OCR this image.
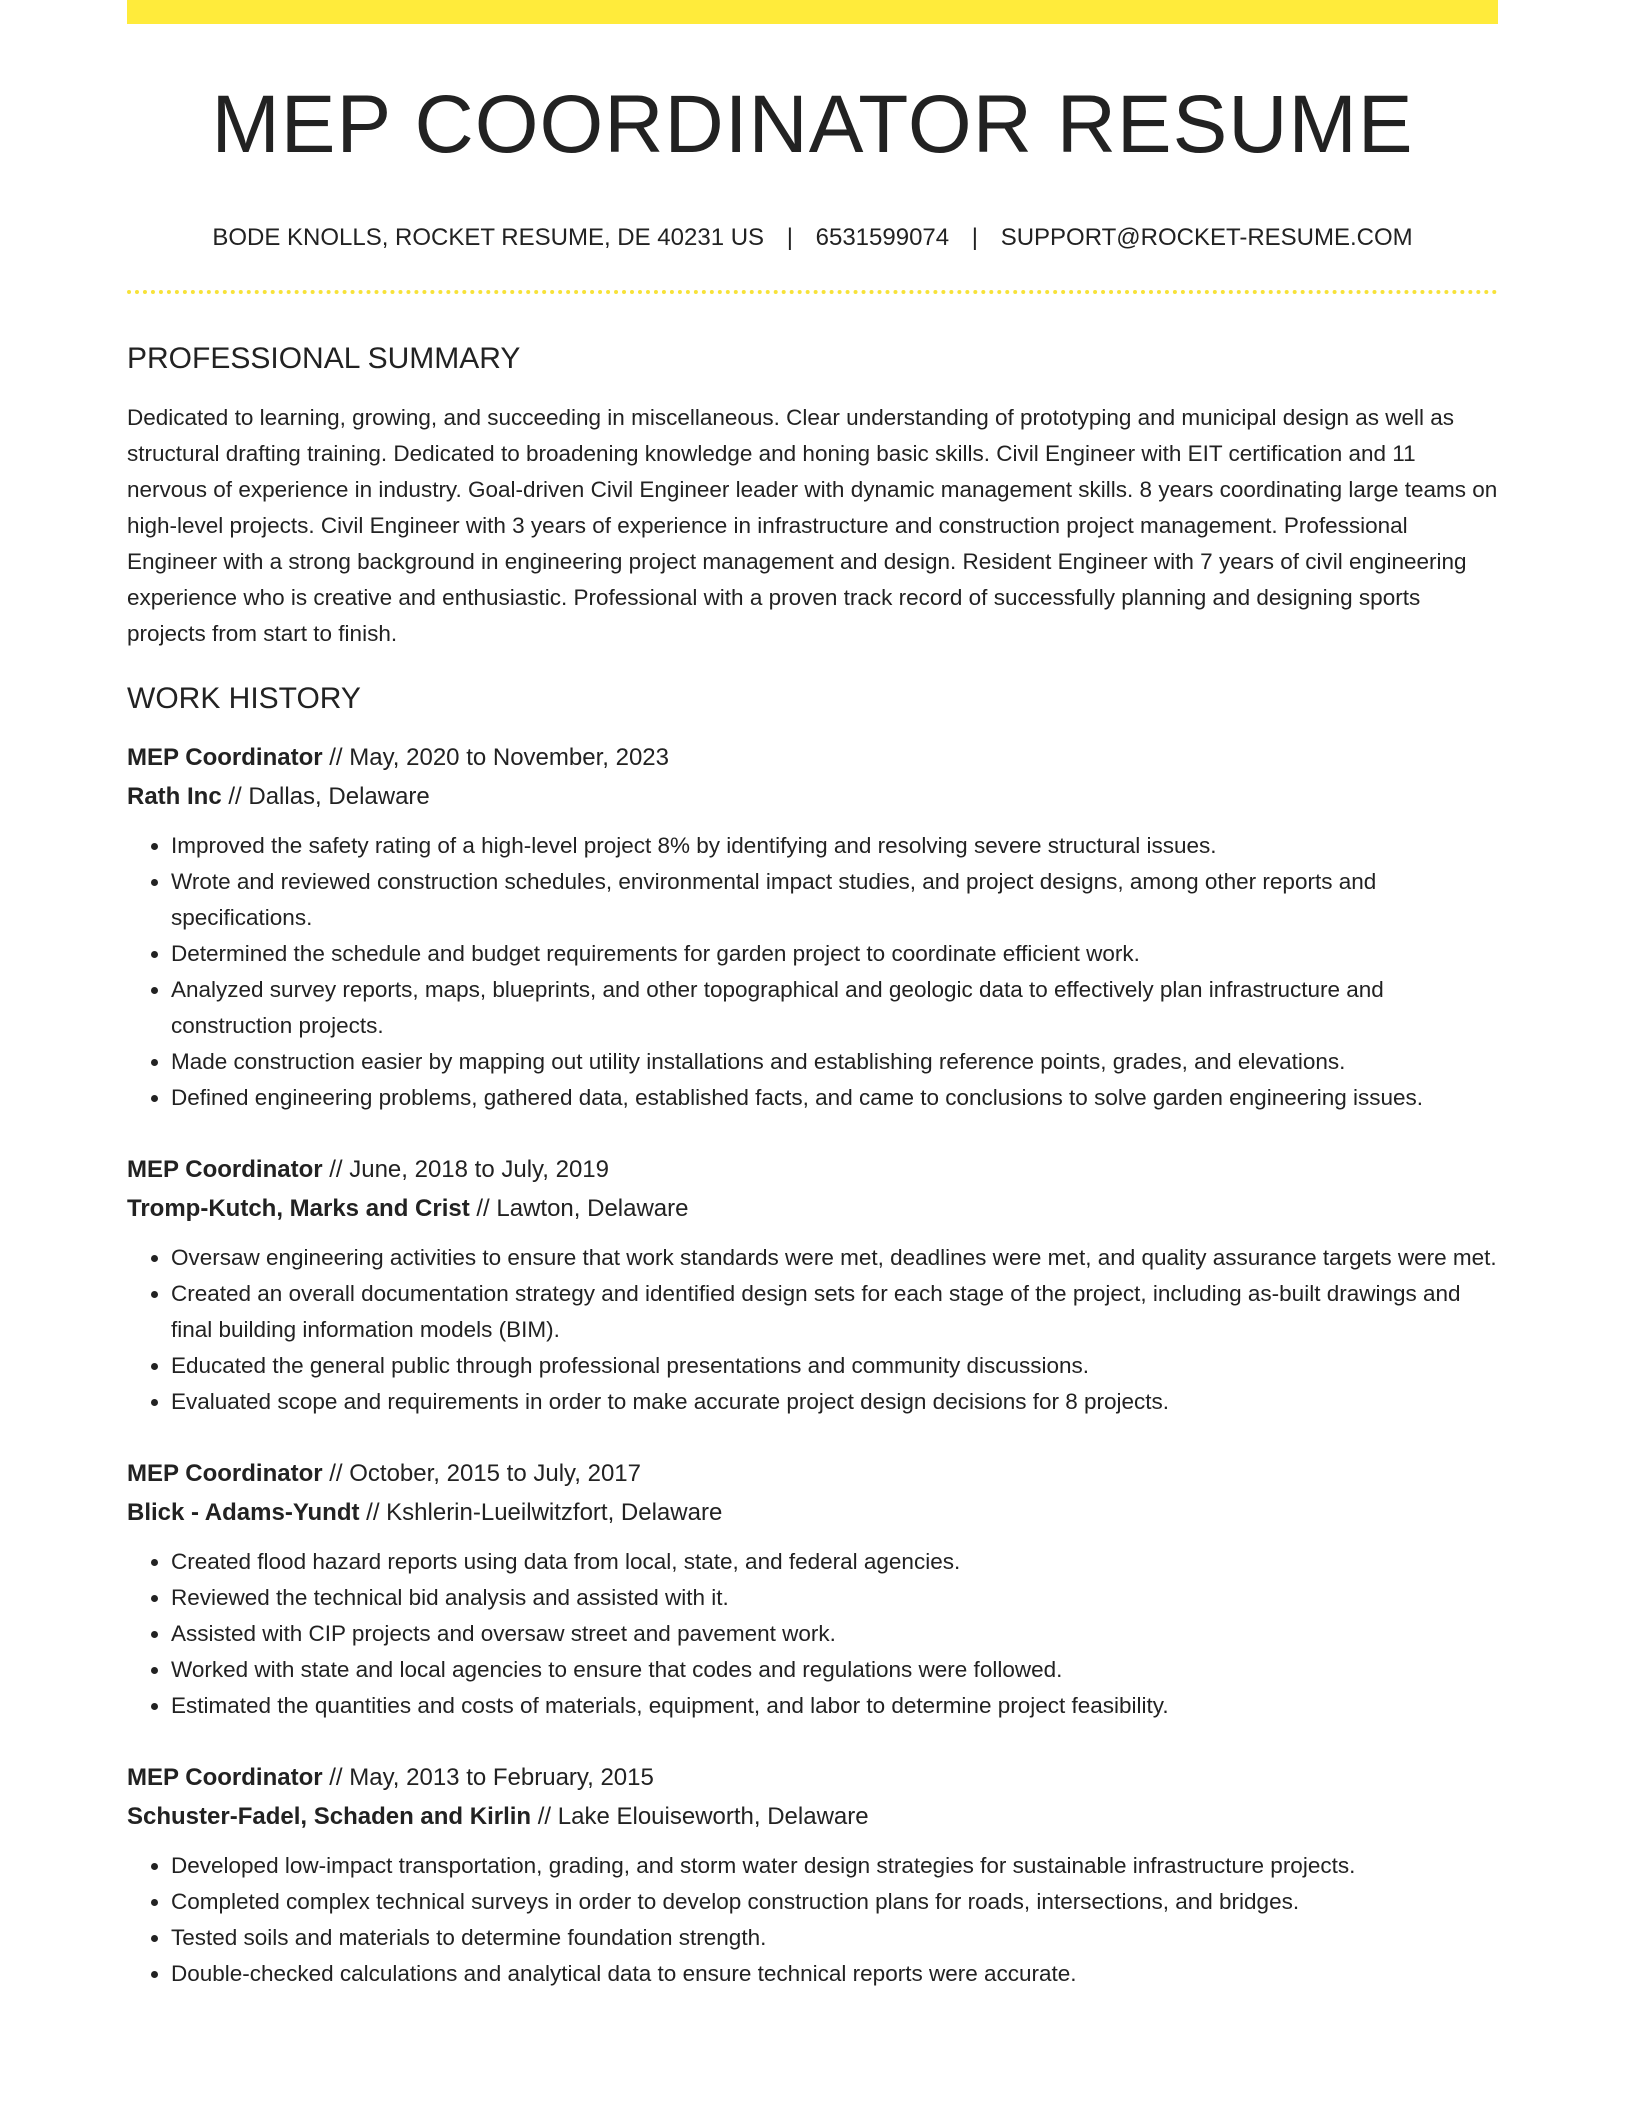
MEP COORDINATOR RESUME
BODE KNOLLS, ROCKET RESUME, DE 40231 US | 6531599074 | SUPPORT@ROCKET-RESUME.COM
PROFESSIONAL SUMMARY

Dedicated to learning, growing, and succeeding in miscellaneous. Clear understanding of prototyping and municipal design as well as structural drafting training. Dedicated to broadening knowledge and honing basic skills. Civil Engineer with EIT certification and 11 nervous of experience in industry. Goal-driven Civil Engineer leader with dynamic management skills. 8 years coordinating large teams on high-level projects. Civil Engineer with 3 years of experience in infrastructure and construction project management. Professional Engineer with a strong background in engineering project management and design. Resident Engineer with 7 years of civil engineering experience who is creative and enthusiastic. Professional with a proven track record of successfully planning and designing sports projects from start to finish.

WORK HISTORY

MEP Coordinator // May, 2020 to November, 2023

Rath Inc // Dallas, Delaware

• Improved the safety rating of a high-level project 8% by identifying and resolving severe structural issues.
• Wrote and reviewed construction schedules, environmental impact studies, and project designs, among other reports and specifications.
• Determined the schedule and budget requirements for garden project to coordinate efficient work.
• Analyzed survey reports, maps, blueprints, and other topographical and geologic data to effectively plan infrastructure and construction projects.
• Made construction easier by mapping out utility installations and establishing reference points, grades, and elevations.
• Defined engineering problems, gathered data, established facts, and came to conclusions to solve garden engineering issues.

MEP Coordinator // June, 2018 to July, 2019

Tromp-Kutch, Marks and Crist // Lawton, Delaware

• Oversaw engineering activities to ensure that work standards were met, deadlines were met, and quality assurance targets were met.
• Created an overall documentation strategy and identified design sets for each stage of the project, including as-built drawings and final building information models (BIM).
• Educated the general public through professional presentations and community discussions.
• Evaluated scope and requirements in order to make accurate project design decisions for 8 projects.

MEP Coordinator // October, 2015 to July, 2017

Blick - Adams-Yundt // Kshlerin-Lueilwitzfort, Delaware

• Created flood hazard reports using data from local, state, and federal agencies.
• Reviewed the technical bid analysis and assisted with it.
• Assisted with CIP projects and oversaw street and pavement work.
• Worked with state and local agencies to ensure that codes and regulations were followed.
• Estimated the quantities and costs of materials, equipment, and labor to determine project feasibility.

MEP Coordinator // May, 2013 to February, 2015

Schuster-Fadel, Schaden and Kirlin // Lake Elouiseworth, Delaware

• Developed low-impact transportation, grading, and storm water design strategies for sustainable infrastructure projects.
• Completed complex technical surveys in order to develop construction plans for roads, intersections, and bridges.
• Tested soils and materials to determine foundation strength.
• Double-checked calculations and analytical data to ensure technical reports were accurate.
